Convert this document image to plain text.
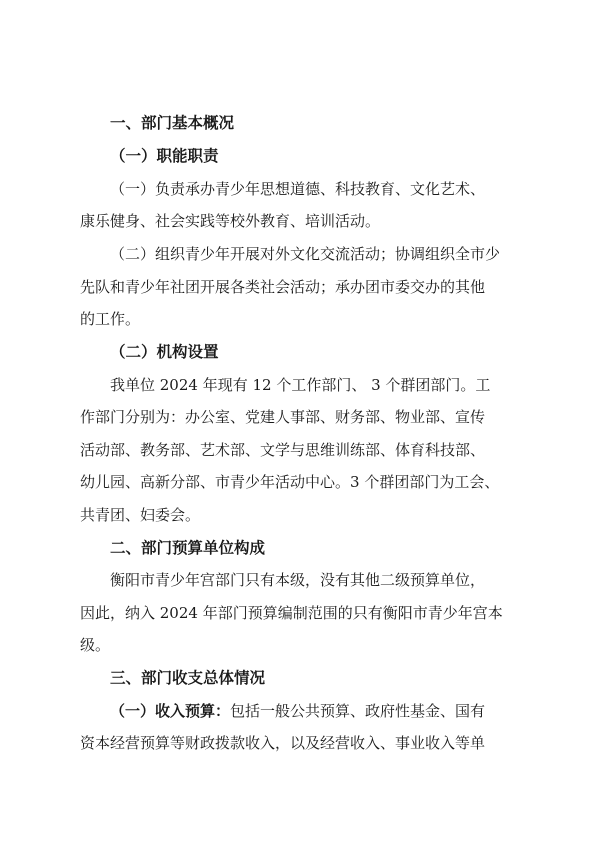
一、部门基本概况
（一）职能职责
（一）负责承办青少年思想道德、科技教育、文化艺术、
康乐健身、社会实践等校外教育、培训活动。
（二）组织青少年开展对外文化交流活动；协调组织全市少
先队和青少年社团开展各类社会活动；承办团市委交办的其他
的工作。
（二）机构设置
我单位 2024 年现有 12 个工作部门、 3 个群团部门。工
作部门分别为：办公室、党建人事部、财务部、物业部、宣传
活动部、教务部、艺术部、文学与思维训练部、体育科技部、
幼儿园、高新分部、市青少年活动中心。3 个群团部门为工会、
共青团、妇委会。
二、部门预算单位构成
衡阳市青少年宫部门只有本级，没有其他二级预算单位，
因此，纳入 2024 年部门预算编制范围的只有衡阳市青少年宫本
级。
三、部门收支总体情况
（一）收入预算：包括一般公共预算、政府性基金、国有
资本经营预算等财政拨款收入，以及经营收入、事业收入等单
